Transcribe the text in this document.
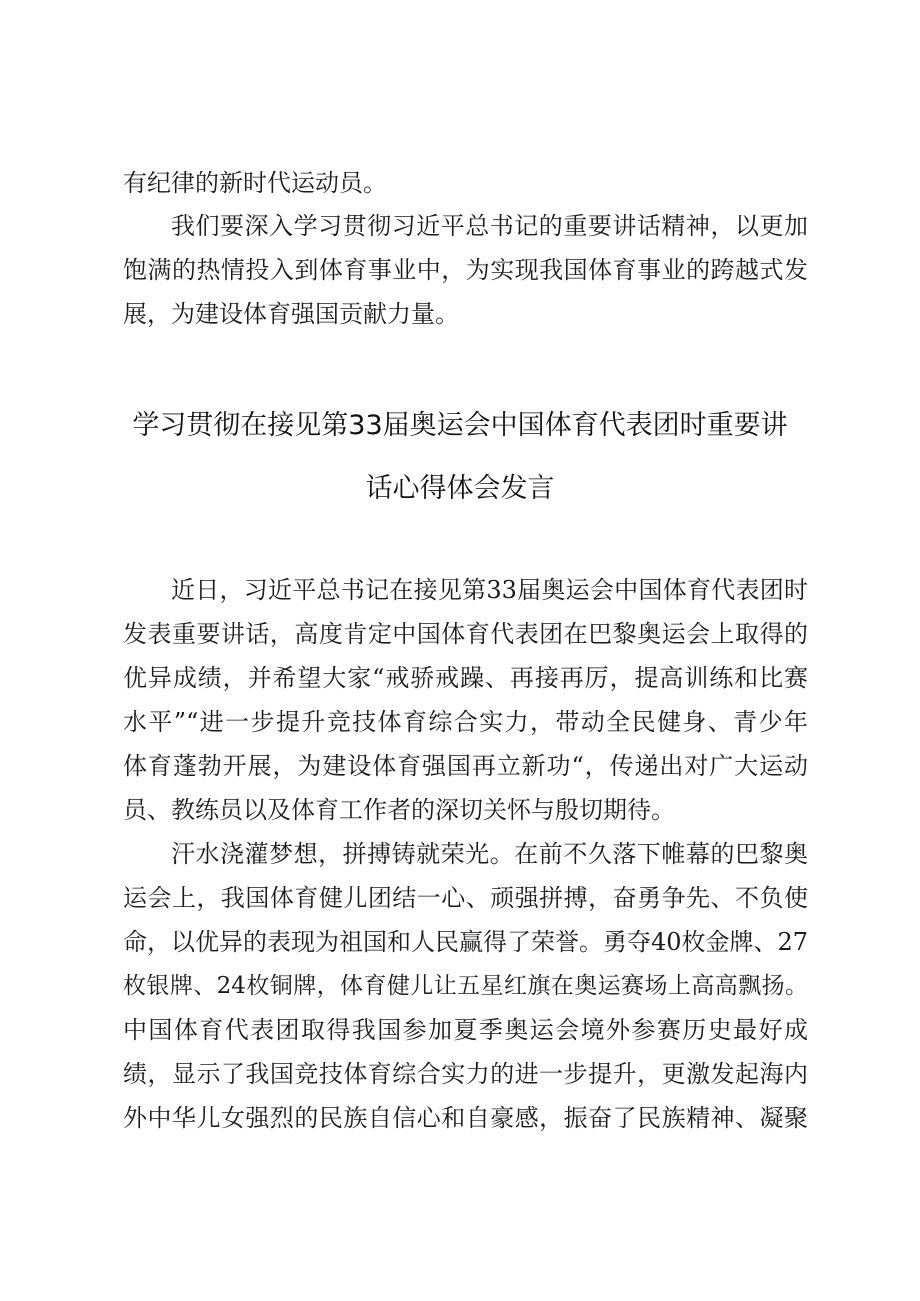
有纪律的新时代运动员。
我们要深入学习贯彻习近平总书记的重要讲话精神，以更加
饱满的热情投入到体育事业中，为实现我国体育事业的跨越式发
展，为建设体育强国贡献力量。
学习贯彻在接见第33届奥运会中国体育代表团时重要讲
话心得体会发言
近日，习近平总书记在接见第33届奥运会中国体育代表团时
发表重要讲话，高度肯定中国体育代表团在巴黎奥运会上取得的
优异成绩，并希望大家“戒骄戒躁、再接再厉，提高训练和比赛
水平”“进一步提升竞技体育综合实力，带动全民健身、青少年
体育蓬勃开展，为建设体育强国再立新功“，传递出对广大运动
员、教练员以及体育工作者的深切关怀与殷切期待。
汗水浇灌梦想，拼搏铸就荣光。在前不久落下帷幕的巴黎奥
运会上，我国体育健儿团结一心、顽强拼搏，奋勇争先、不负使
命，以优异的表现为祖国和人民赢得了荣誉。勇夺40枚金牌、27
枚银牌、24枚铜牌，体育健儿让五星红旗在奥运赛场上高高飘扬。
中国体育代表团取得我国参加夏季奥运会境外参赛历史最好成
绩，显示了我国竞技体育综合实力的进一步提升，更激发起海内
外中华儿女强烈的民族自信心和自豪感，振奋了民族精神、凝聚
